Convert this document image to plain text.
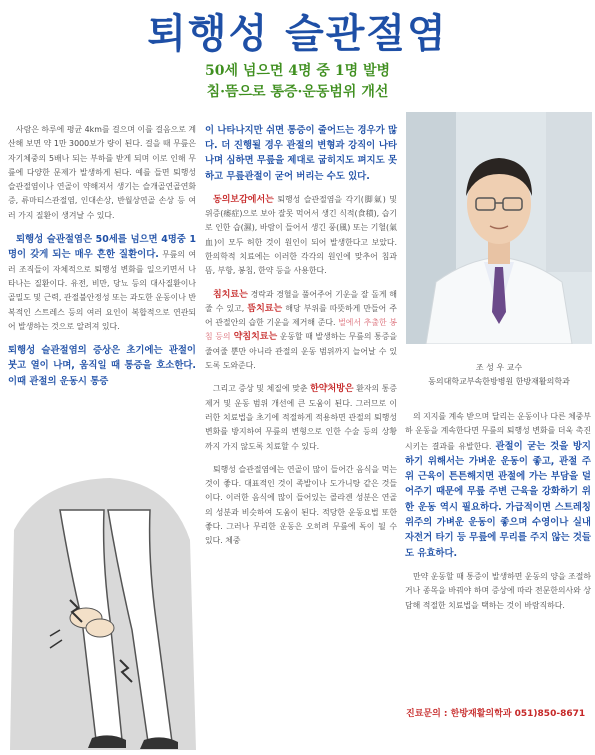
퇴행성 슬관절염
50세 넘으면 4명 중 1명 발병
침·뜸으로 통증·운동범위 개선

사람은 하루에 평균 4km를 걸으며 이를 걸음으로 계산해 보면 약 1만 3000보가 량이 된다. 걸을 때 무릎은 자기체중의 5배나 되는 부하를 받게 되며 이로 인해 무릎에 다양한 문제가 발생하게 된다. 예를 들면 퇴행성 슬관절염이나 연골이 약해져서 생기는 슬개골연골연화증, 류마티스관절염, 인대손상, 반월상연골 손상 등 여러 가지 질환이 생겨날 수 있다.

퇴행성 슬관절염은 50세를 넘으면 4명중 1명이 갖게 되는 매우 흔한 질환이다. 무릎의 여러 조직들이 자체적으로 퇴행성 변화를 일으키면서 나타나는 질환이다. 유전, 비만, 당뇨 등의 대사질환이나 골밀도 및 근력, 관절불안정성 또는 과도한 운동이나 반복적인 스트레스 등의 여러 요인이 복합적으로 연관되어 발생하는 것으로 알려져 있다.

퇴행성 슬관절염의 증상은 초기에는 관절이 붓고 열이 나며, 움직일 때 통증을 호소한다. 이때 관절의 운동시 통증

이 나타나지만 쉬면 통증이 줄어드는 경우가 많다. 더 진행될 경우 관절의 변형과 강직이 나타나며 심하면 무릎을 제대로 굽히지도 펴지도 못하고 무릎관절이 굳어 버리는 수도 있다.

동의보감에서는 퇴행성 슬관절염을 각기(脚氣) 및 위증(痿症)으로 보아 잘못 먹어서 생긴 식적(食積), 습기로 인한 습(濕), 바람이 들어서 생긴 풍(風) 또는 기혈(氣血)이 모두 허한 것이 원인이 되어 발생한다고 보았다. 한의학적 치료에는 이러한 각각의 원인에 맞추어 침과 뜸, 부항, 봉침, 한약 등을 사용한다.

침치료는 경락과 경혈을 풀어주어 기운을 잘 돌게 해 줄 수 있고, 뜸치료는 해당 부위를 따뜻하게 만들어 주어 관절안의 습한 기운을 제거해 준다. 벌에서 추출한 봉침 등의 약침치료는 운동할 때 발생하는 무릎의 통증을 줄여줄 뿐만 아니라 관절의 운동 범위까지 늘어날 수 있도록 도와준다.

그리고 증상 및 체질에 맞춘 한약처방은 환자의 통증 제거 및 운동 범위 개선에 큰 도움이 된다. 그러므로 이러한 치료법을 초기에 적절하게 적용하면 관절의 퇴행성 변화를 방지하여 무릎의 변형으로 인한 수술 등의 상황까지 가지 않도록 치료할 수 있다.

퇴행성 슬관절염에는 연골이 많이 들어간 음식을 먹는 것이 좋다. 대표적인 것이 족발이나 도가니탕 같은 것들이다. 이러한 음식에 많이 들어있는 콜라겐 성분은 연골의 성분과 비슷하여 도움이 된다. 적당한 운동요법 또한 좋다. 그러나 무리한 운동은 오히려 무릎에 독이 될 수 있다. 체중

조 성 우 교수
동의대학교부속한방병원 한방재활의학과

의 지지를 계속 받으며 달리는 운동이나 다른 체중부하 운동을 계속한다면 무릎의 퇴행성 변화를 더욱 촉진시키는 결과를 유발한다. 관절이 굳는 것을 방지하기 위해서는 가벼운 운동이 좋고, 관절 주위 근육이 튼튼해지면 관절에 가는 부담을 덜어주기 때문에 무릎 주변 근육을 강화하기 위한 운동 역시 필요하다. 가급적이면 스트레칭 위주의 가벼운 운동이 좋으며 수영이나 실내자전거 타기 등 무릎에 무리를 주지 않는 것들도 유효하다.

만약 운동할 때 통증이 발생하면 운동의 양을 조절하거나 종목을 바꿔야 하며 증상에 따라 전문한의사와 상담해 적절한 치료법을 택하는 것이 바람직하다.

진료문의 : 한방재활의학과 051)850-8671
